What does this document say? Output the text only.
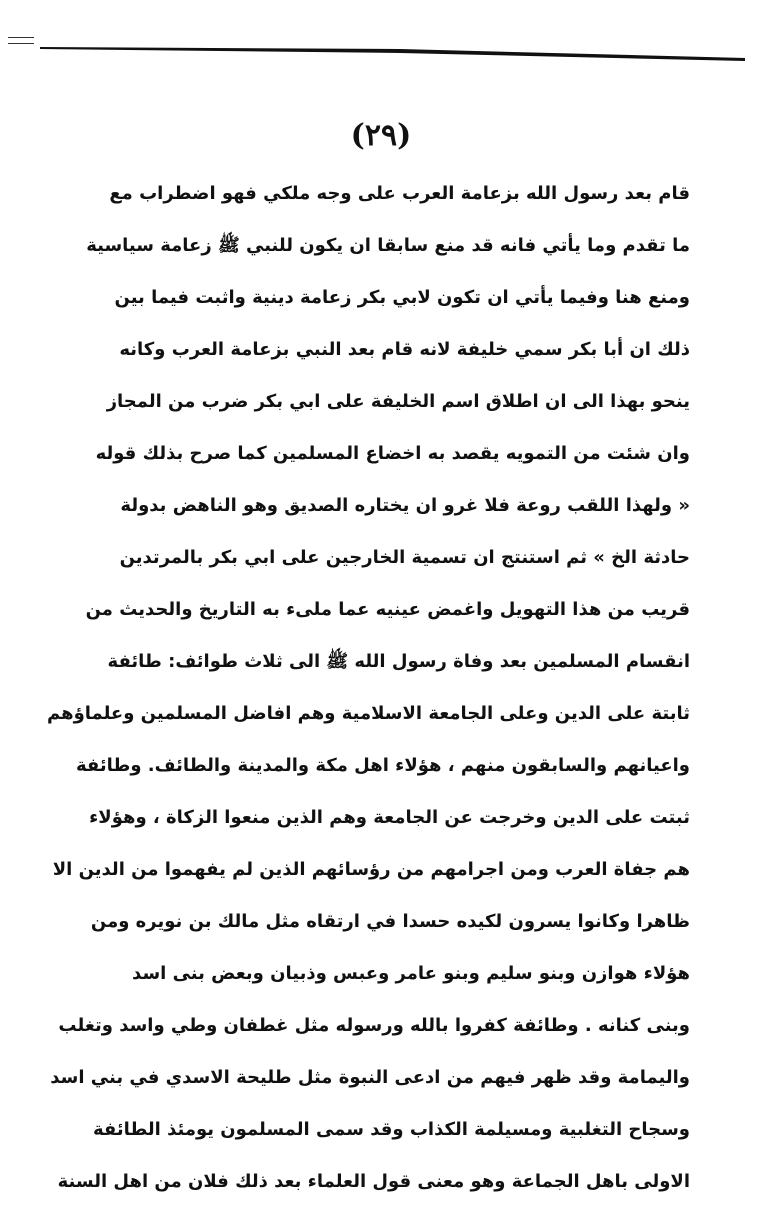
(٢٩)
قام بعد رسول الله بزعامة العرب على وجه ملكي فهو اضطراب مع
ما تقدم وما يأتي فانه قد منع سابقا ان يكون للنبي ﷺ زعامة سياسية
ومنع هنا وفيما يأتي ان تكون لابي بكر زعامة دينية واثبت فيما بين
ذلك ان أبا بكر سمي خليفة لانه قام بعد النبي بزعامة العرب وكانه
ينحو بهذا الى ان اطلاق اسم الخليفة على ابي بكر ضرب من المجاز
وان شئت من التمويه يقصد به اخضاع المسلمين كما صرح بذلك قوله
« ولهذا اللقب روعة فلا غرو ان يختاره الصديق وهو الناهض بدولة
حادثة الخ » ثم استنتج ان تسمية الخارجين على ابي بكر بالمرتدين
قريب من هذا التهويل واغمض عينيه عما ملىء به التاريخ والحديث من
انقسام المسلمين بعد وفاة رسول الله ﷺ الى ثلاث طوائف: طائفة
ثابتة على الدين وعلى الجامعة الاسلامية وهم افاضل المسلمين وعلماؤهم
واعيانهم والسابقون منهم ، هؤلاء اهل مكة والمدينة والطائف. وطائفة
ثبتت على الدين وخرجت عن الجامعة وهم الذين منعوا الزكاة ، وهؤلاء
هم جفاة العرب ومن اجرامهم من رؤسائهم الذين لم يفهموا من الدين الا
ظاهرا وكانوا يسرون لكيده حسدا في ارتقاه مثل مالك بن نويره ومن
هؤلاء هوازن وبنو سليم وبنو عامر وعبس وذبيان وبعض بنى اسد
وبنى كنانه . وطائفة كفروا بالله ورسوله مثل غطفان وطي واسد وتغلب
واليمامة وقد ظهر فيهم من ادعى النبوة مثل طليحة الاسدي في بني اسد
وسجاح التغلبية ومسيلمة الكذاب وقد سمى المسلمون يومئذ الطائفة
الاولى باهل الجماعة وهو معنى قول العلماء بعد ذلك فلان من اهل السنة
